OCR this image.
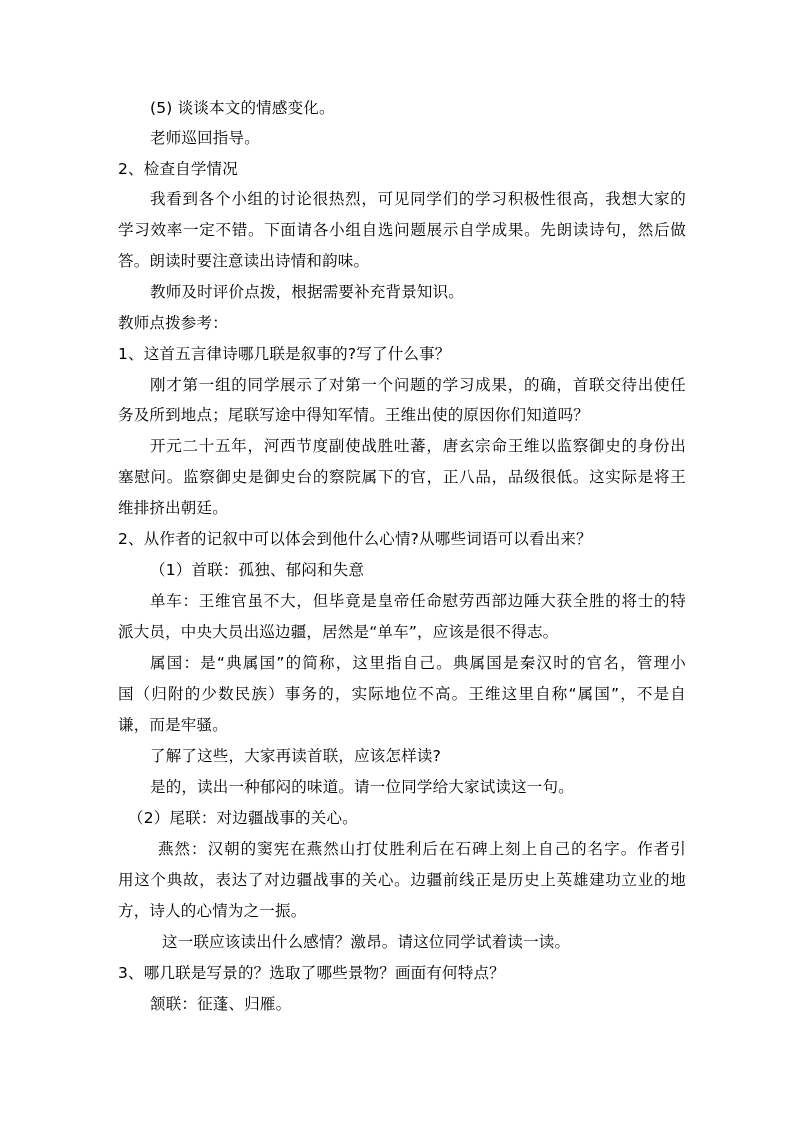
(5) 谈谈本文的情感变化。
老师巡回指导。
2、检查自学情况
我看到各个小组的讨论很热烈，可见同学们的学习积极性很高，我想大家的
学习效率一定不错。下面请各小组自选问题展示自学成果。先朗读诗句，然后做
答。朗读时要注意读出诗情和韵味。
教师及时评价点拨，根据需要补充背景知识。
教师点拨参考：
1、这首五言律诗哪几联是叙事的?写了什么事？
刚才第一组的同学展示了对第一个问题的学习成果，的确，首联交待出使任
务及所到地点；尾联写途中得知军情。王维出使的原因你们知道吗？
开元二十五年，河西节度副使战胜吐蕃，唐玄宗命王维以监察御史的身份出
塞慰问。监察御史是御史台的察院属下的官，正八品，品级很低。这实际是将王
维排挤出朝廷。
2、从作者的记叙中可以体会到他什么心情?从哪些词语可以看出来？
（1）首联：孤独、郁闷和失意
单车：王维官虽不大，但毕竟是皇帝任命慰劳西部边陲大获全胜的将士的特
派大员，中央大员出巡边疆，居然是“单车”，应该是很不得志。
属国：是“典属国”的简称，这里指自己。典属国是秦汉时的官名，管理小
国（归附的少数民族）事务的，实际地位不高。王维这里自称“属国”，不是自
谦，而是牢骚。
了解了这些，大家再读首联，应该怎样读?
是的，读出一种郁闷的味道。请一位同学给大家试读这一句。
（2）尾联：对边疆战事的关心。
燕然：汉朝的窦宪在燕然山打仗胜利后在石碑上刻上自己的名字。作者引
用这个典故，表达了对边疆战事的关心。边疆前线正是历史上英雄建功立业的地
方，诗人的心情为之一振。
这一联应该读出什么感情？激昂。请这位同学试着读一读。
3、哪几联是写景的？选取了哪些景物？画面有何特点？
颔联：征蓬、归雁。
